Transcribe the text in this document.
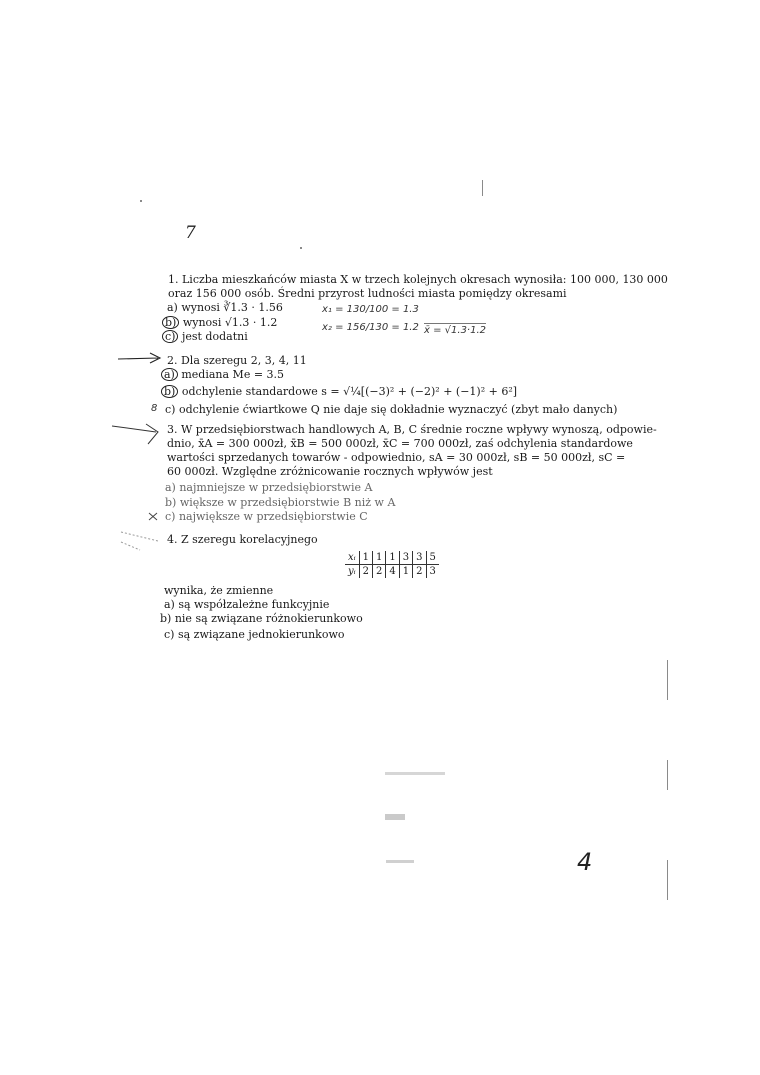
7
1. Liczba mieszkańców miasta X w trzech kolejnych okresach wynosiła: 100 000, 130 000
oraz 156 000 osób. Średni przyrost ludności miasta pomiędzy okresami
a) wynosi ∛1.3 · 1.56
b) wynosi √1.3 · 1.2
c) jest dodatni
x₁ = 130/100 = 1.3
x₂ = 156/130 = 1.2 x̄ = √1.3·1.2
2. Dla szeregu 2, 3, 4, 11
a) mediana Me = 3.5
b) odchylenie standardowe s = √¼[(−3)² + (−2)² + (−1)² + 6²]
8 c) odchylenie ćwiartkowe Q nie daje się dokładnie wyznaczyć (zbyt mało danych)
3. W przedsiębiorstwach handlowych A, B, C średnie roczne wpływy wynoszą, odpowie-
dnio, x̄A = 300 000zł, x̄B = 500 000zł, x̄C = 700 000zł, zaś odchylenia standardowe
wartości sprzedanych towarów - odpowiednio, sA = 30 000zł, sB = 50 000zł, sC =
60 000zł. Względne zróżnicowanie rocznych wpływów jest
a) najmniejsze w przedsiębiorstwie A
b) większe w przedsiębiorstwie B niż w A
c) największe w przedsiębiorstwie C
4. Z szeregu korelacyjnego
xᵢ	1	1	1	3	3	5
yᵢ	2	2	4	1	2	3
wynika, że zmienne
a) są współzależne funkcyjnie
b) nie są związane różnokierunkowo
c) są związane jednokierunkowo
4
